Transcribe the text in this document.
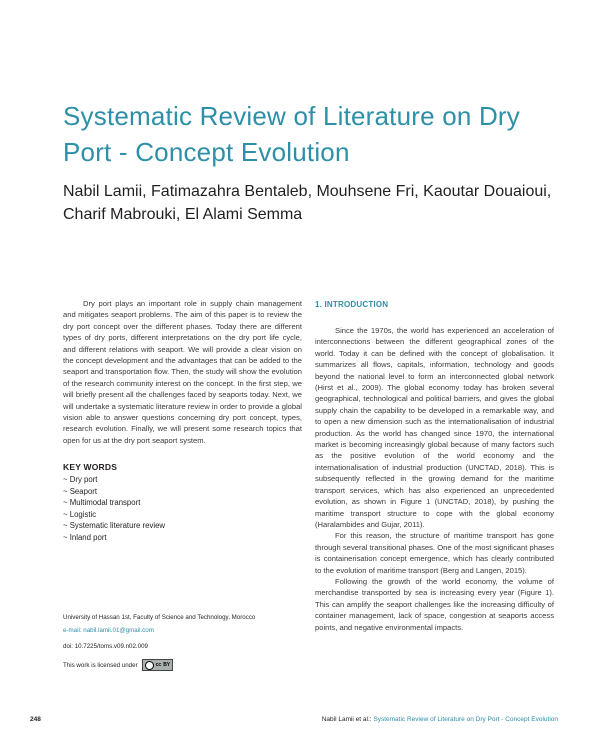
Systematic Review of Literature on Dry Port - Concept Evolution

Nabil Lamii, Fatimazahra Bentaleb, Mouhsene Fri, Kaoutar Douaioui, Charif Mabrouki, El Alami Semma

Dry port plays an important role in supply chain management and mitigates seaport problems. The aim of this paper is to review the dry port concept over the different phases. Today there are different types of dry ports, different interpretations on the dry port life cycle, and different relations with seaport. We will provide a clear vision on the concept development and the advantages that can be added to the seaport and transportation flow. Then, the study will show the evolution of the research community interest on the concept. In the first step, we will briefly present all the challenges faced by seaports today. Next, we will undertake a systematic literature review in order to provide a global vision able to answer questions concerning dry port concept, types, research evolution. Finally, we will present some research topics that open for us at the dry port seaport system.

KEY WORDS

~ Dry port
~ Seaport
~ Multimodal transport
~ Logistic
~ Systematic literature review
~ Inland port

University of Hassan 1st, Faculty of Science and Technology, Morocco

e-mail: nabil.lamii.01@gmail.com

doi: 10.7225/toms.v09.n02.009

This work is licensed under	cc BY

1. INTRODUCTION

Since the 1970s, the world has experienced an acceleration of interconnections between the different geographical zones of the world. Today it can be defined with the concept of globalisation. It summarizes all flows, capitals, information, technology and goods beyond the national level to form an interconnected global network (Hirst et al., 2009). The global economy today has broken several geographical, technological and political barriers, and gives the global supply chain the capability to be developed in a remarkable way, and to open a new dimension such as the internationalisation of industrial production. As the world has changed since 1970, the international market is becoming increasingly global because of many factors such as the positive evolution of the world economy and the internationalisation of industrial production (UNCTAD, 2018). This is subsequently reflected in the growing demand for the maritime transport services, which has also experienced an unprecedented evolution, as shown in Figure 1 (UNCTAD, 2018), by pushing the maritime transport structure to cope with the global economy (Haralambides and Gujar, 2011).

For this reason, the structure of maritime transport has gone through several transitional phases. One of the most significant phases is containerisation concept emergence, which has clearly contributed to the evolution of maritime transport (Berg and Langen, 2015).

Following the growth of the world economy, the volume of merchandise transported by sea is increasing every year (Figure 1). This can amplify the seaport challenges like the increasing difficulty of container management, lack of space, congestion at seaports access points, and negative environmental impacts.

248	Nabil Lamii et al.: Systematic Review of Literature on Dry Port - Concept Evolution
